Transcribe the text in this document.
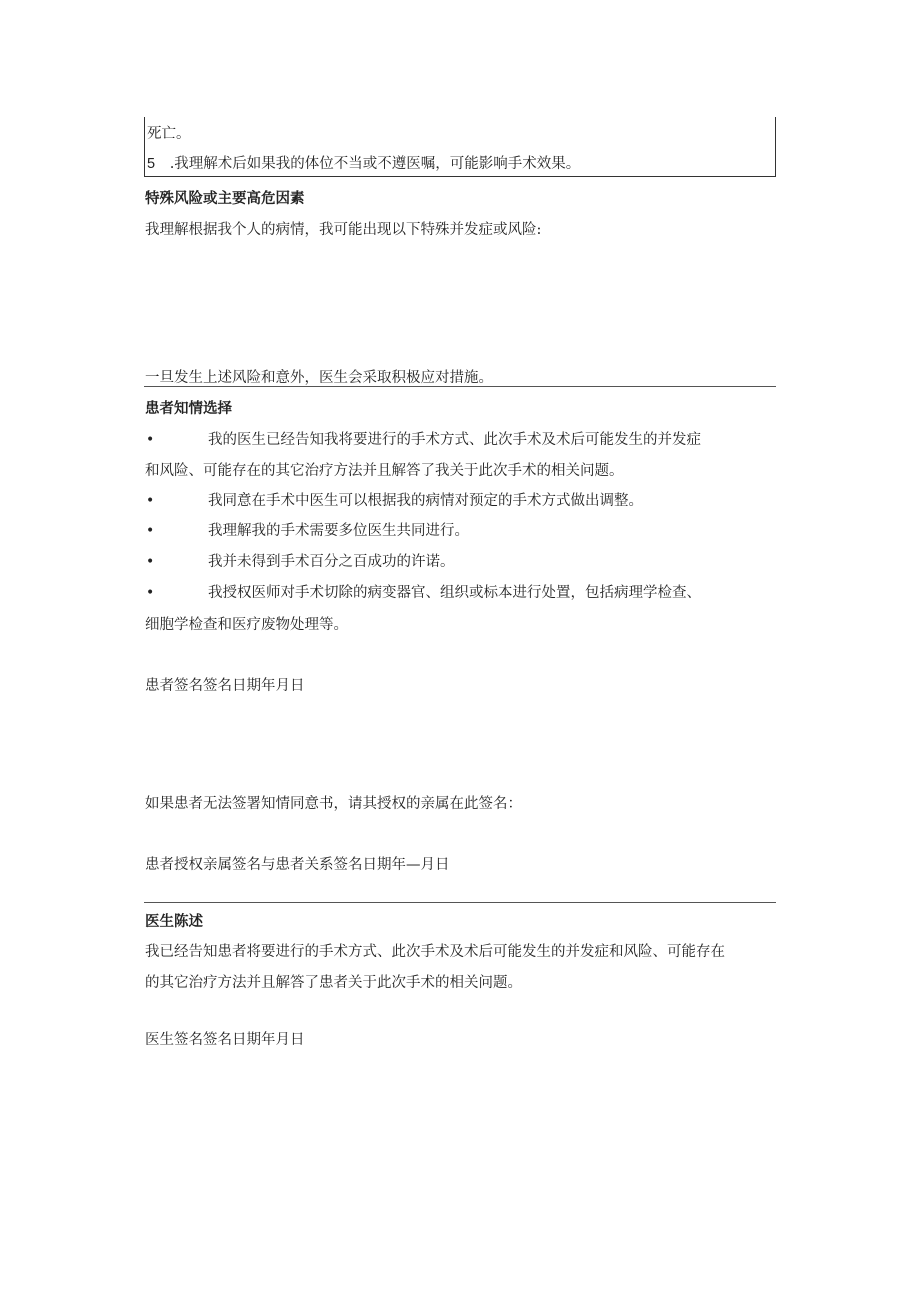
死亡。
5 .我理解术后如果我的体位不当或不遵医嘱，可能影响手术效果。
特殊风险或主要高危因素
我理解根据我个人的病情，我可能出现以下特殊并发症或风险:
一旦发生上述风险和意外，医生会采取积极应对措施。
患者知情选择
•	我的医生已经告知我将要进行的手术方式、此次手术及术后可能发生的并发症
和风险、可能存在的其它治疗方法并且解答了我关于此次手术的相关问题。
•	我同意在手术中医生可以根据我的病情对预定的手术方式做出调整。
•	我理解我的手术需要多位医生共同进行。
•	我并未得到手术百分之百成功的许诺。
•	我授权医师对手术切除的病变器官、组织或标本进行处置，包括病理学检查、
细胞学检查和医疗废物处理等。
患者签名签名日期年月日
如果患者无法签署知情同意书，请其授权的亲属在此签名：
患者授权亲属签名与患者关系签名日期年—月日
医生陈述
我已经告知患者将要进行的手术方式、此次手术及术后可能发生的并发症和风险、可能存在
的其它治疗方法并且解答了患者关于此次手术的相关问题。
医生签名签名日期年月日
